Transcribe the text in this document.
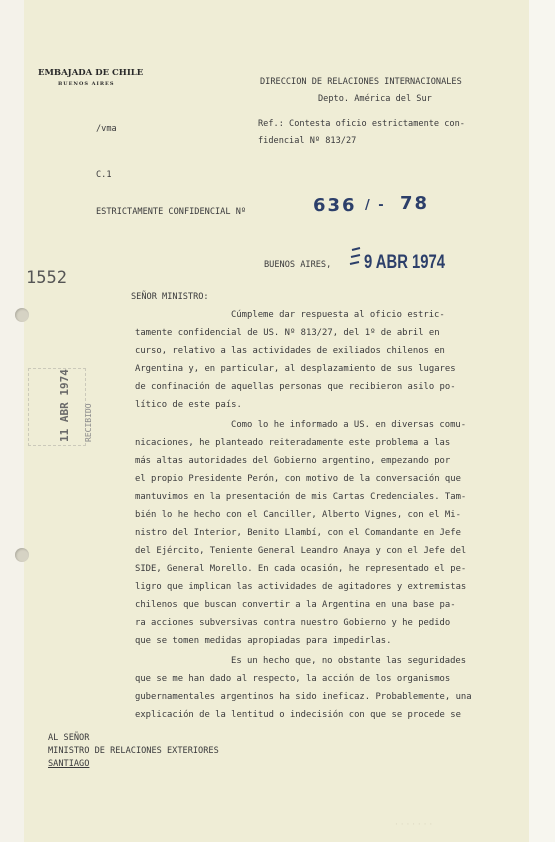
EMBAJADA DE CHILE
BUENOS AIRES	DIRECCION DE RELACIONES INTERNACIONALES
Depto. América del Sur
/vma	Ref.: Contesta oficio estrictamente con-
fidencial Nº 813/27
C.1
ESTRICTAMENTE CONFIDENCIAL Nº	636 / - 78
1552
BUENOS AIRES, 9 ABR 1974
SEÑOR MINISTRO:
11 ABR 1974 RECIBIDO
Cúmpleme dar respuesta al oficio estric-
tamente confidencial de US. Nº 813/27, del 1º de abril en
curso, relativo a las actividades de exiliados chilenos en
Argentina y, en particular, al desplazamiento de sus lugares
de confinación de aquellas personas que recibieron asilo po-
lítico de este país.
Como lo he informado a US. en diversas comu-
nicaciones, he planteado reiteradamente este problema a las
más altas autoridades del Gobierno argentino, empezando por
el propio Presidente Perón, con motivo de la conversación que
mantuvimos en la presentación de mis Cartas Credenciales. Tam-
bién lo he hecho con el Canciller, Alberto Vignes, con el Mi-
nistro del Interior, Benito Llambí, con el Comandante en Jefe
del Ejército, Teniente General Leandro Anaya y con el Jefe del
SIDE, General Morello. En cada ocasión, he representado el pe-
ligro que implican las actividades de agitadores y extremistas
chilenos que buscan convertir a la Argentina en una base pa-
ra acciones subversivas contra nuestro Gobierno y he pedido
que se tomen medidas apropiadas para impedirlas.
Es un hecho que, no obstante las seguridades
que se me han dado al respecto, la acción de los organismos
gubernamentales argentinos ha sido ineficaz. Probablemente, una
explicación de la lentitud o indecisión con que se procede se
AL SEÑOR
MINISTRO DE RELACIONES EXTERIORES
SANTIAGO
· · · · · · ·
